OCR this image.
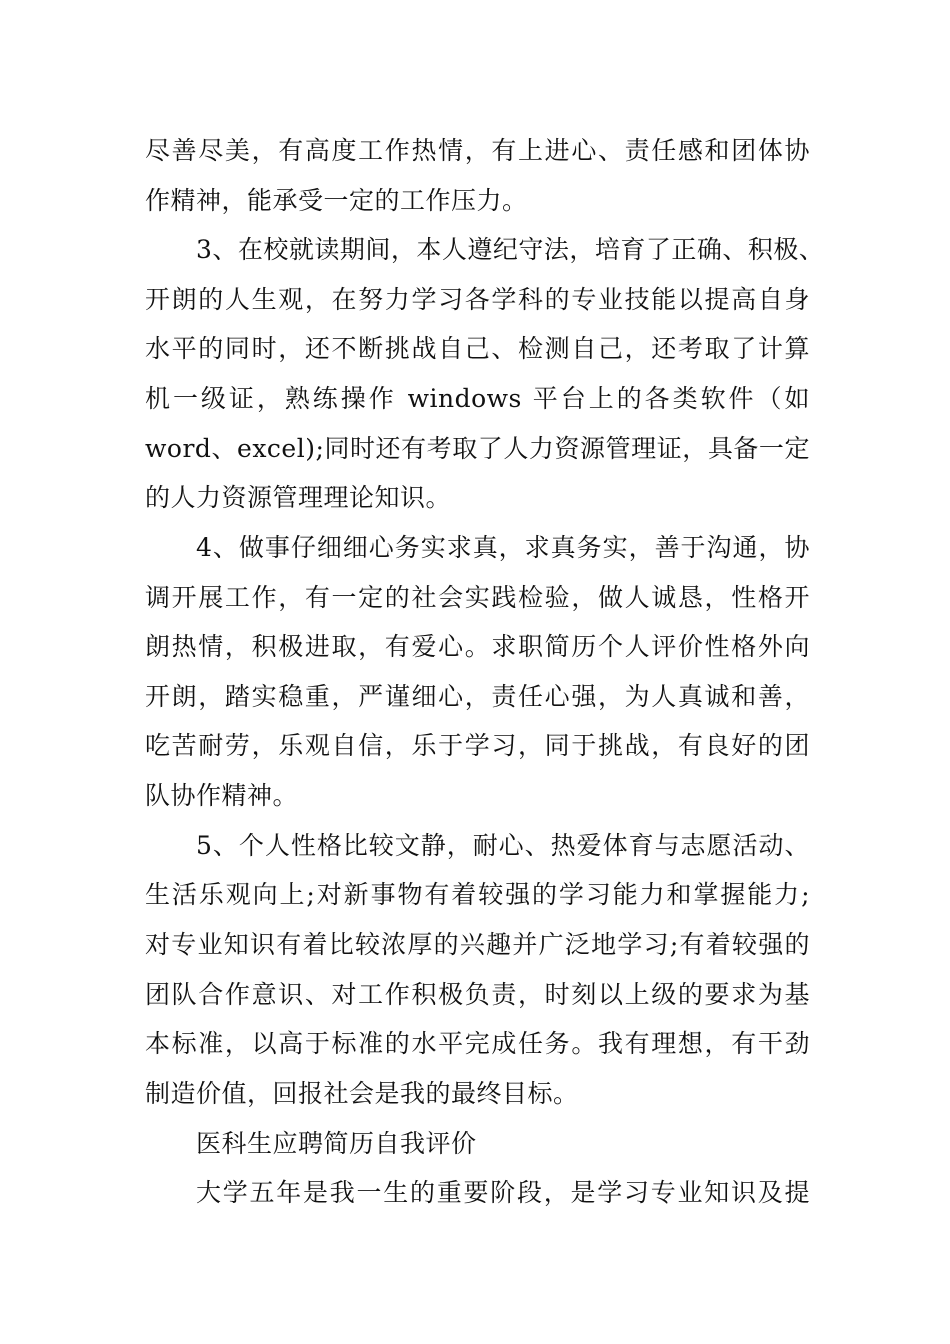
尽善尽美，有高度工作热情，有上进心、责任感和团体协
作精神，能承受一定的工作压力。
3、在校就读期间，本人遵纪守法，培育了正确、积极、
开朗的人生观，在努力学习各学科的专业技能以提高自身
水平的同时，还不断挑战自己、检测自己，还考取了计算
机一级证，熟练操作 windows 平台上的各类软件（如
word、excel);同时还有考取了人力资源管理证，具备一定
的人力资源管理理论知识。
4、做事仔细细心务实求真，求真务实，善于沟通，协
调开展工作，有一定的社会实践检验，做人诚恳，性格开
朗热情，积极进取，有爱心。求职简历个人评价性格外向
开朗，踏实稳重，严谨细心，责任心强，为人真诚和善，
吃苦耐劳，乐观自信，乐于学习，同于挑战，有良好的团
队协作精神。
5、个人性格比较文静，耐心、热爱体育与志愿活动、
生活乐观向上;对新事物有着较强的学习能力和掌握能力;
对专业知识有着比较浓厚的兴趣并广泛地学习;有着较强的
团队合作意识、对工作积极负责，时刻以上级的要求为基
本标准，以高于标准的水平完成任务。我有理想，有干劲
制造价值，回报社会是我的最终目标。
医科生应聘简历自我评价
大学五年是我一生的重要阶段，是学习专业知识及提
